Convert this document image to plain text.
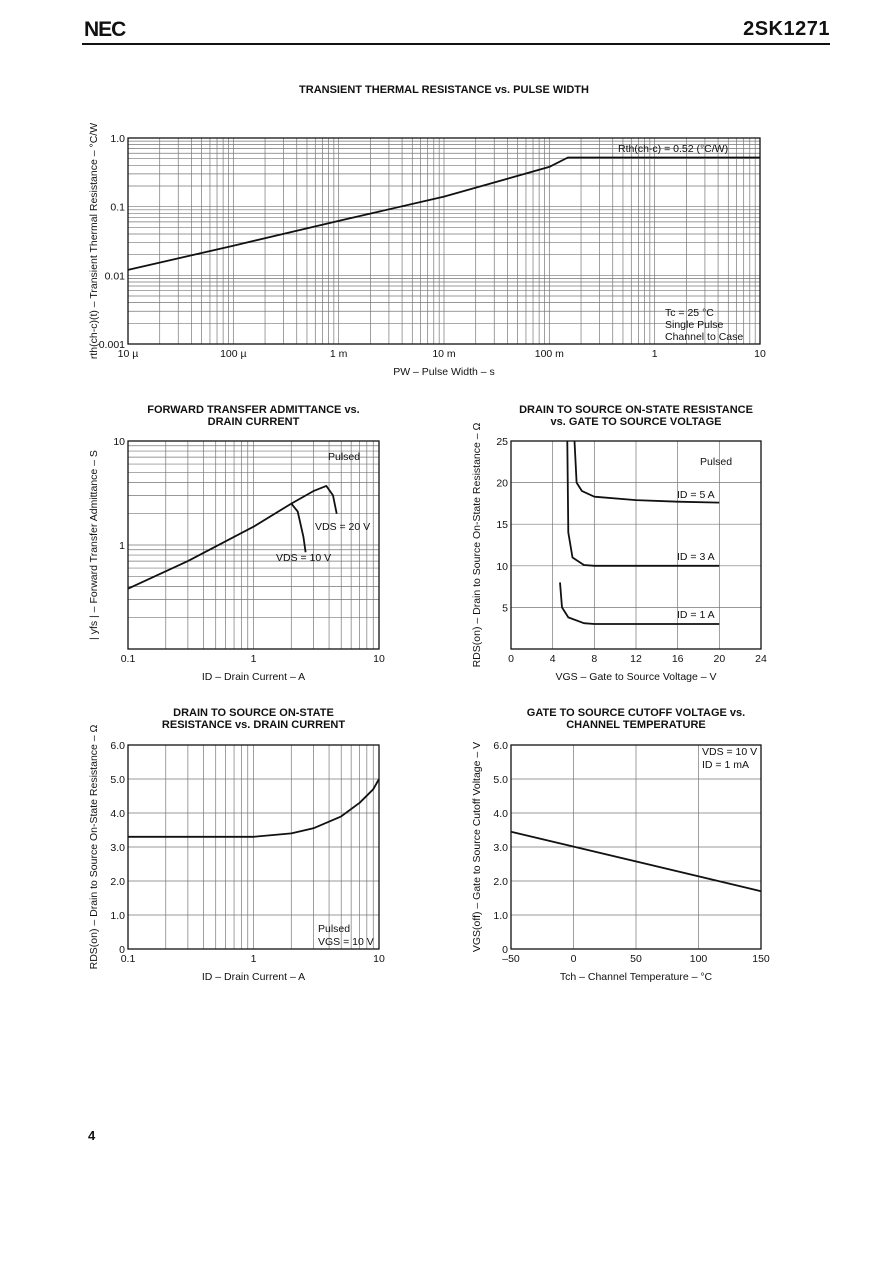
NEC	2SK1271
4
TRANSIENT THERMAL RESISTANCE vs. PULSE WIDTH
10 µ	100 µ	1 m	10 m	100 m	1	10
0.001
0.01
0.1
1.0
PW – Pulse Width – s
rth(ch-c)(t) – Transient Thermal Resistance – °C/W	Rth(ch-c) = 0.52 (°C/W)
Tc = 25 °C
Single Pulse
Channel to Case
FORWARD TRANSFER ADMITTANCE vs.
DRAIN CURRENT
0.1	1	10
1
10
ID – Drain Current – A
| yfs | – Forward Transfer Admittance – S	Pulsed
VDS = 20 V
VDS = 10 V
DRAIN TO SOURCE ON-STATE RESISTANCE
vs. GATE TO SOURCE VOLTAGE
0	4	8	12	16	20	24
5
10
15
20
25
VGS – Gate to Source Voltage – V
RDS(on) – Drain to Source On-State Resistance – Ω	Pulsed
ID = 5 A
ID = 3 A
ID = 1 A
DRAIN TO SOURCE ON-STATE
RESISTANCE vs. DRAIN CURRENT
0.1	1	10
0
1.0
2.0
3.0
4.0
5.0
6.0
ID – Drain Current – A
RDS(on) – Drain to Source On-State Resistance – Ω	Pulsed
VGS = 10 V
GATE TO SOURCE CUTOFF VOLTAGE vs.
CHANNEL TEMPERATURE
–50	0	50	100	150
0
1.0
2.0
3.0
4.0
5.0
6.0
Tch – Channel Temperature – °C
VGS(off) – Gate to Source Cutoff Voltage – V	VDS = 10 V
ID = 1 mA
